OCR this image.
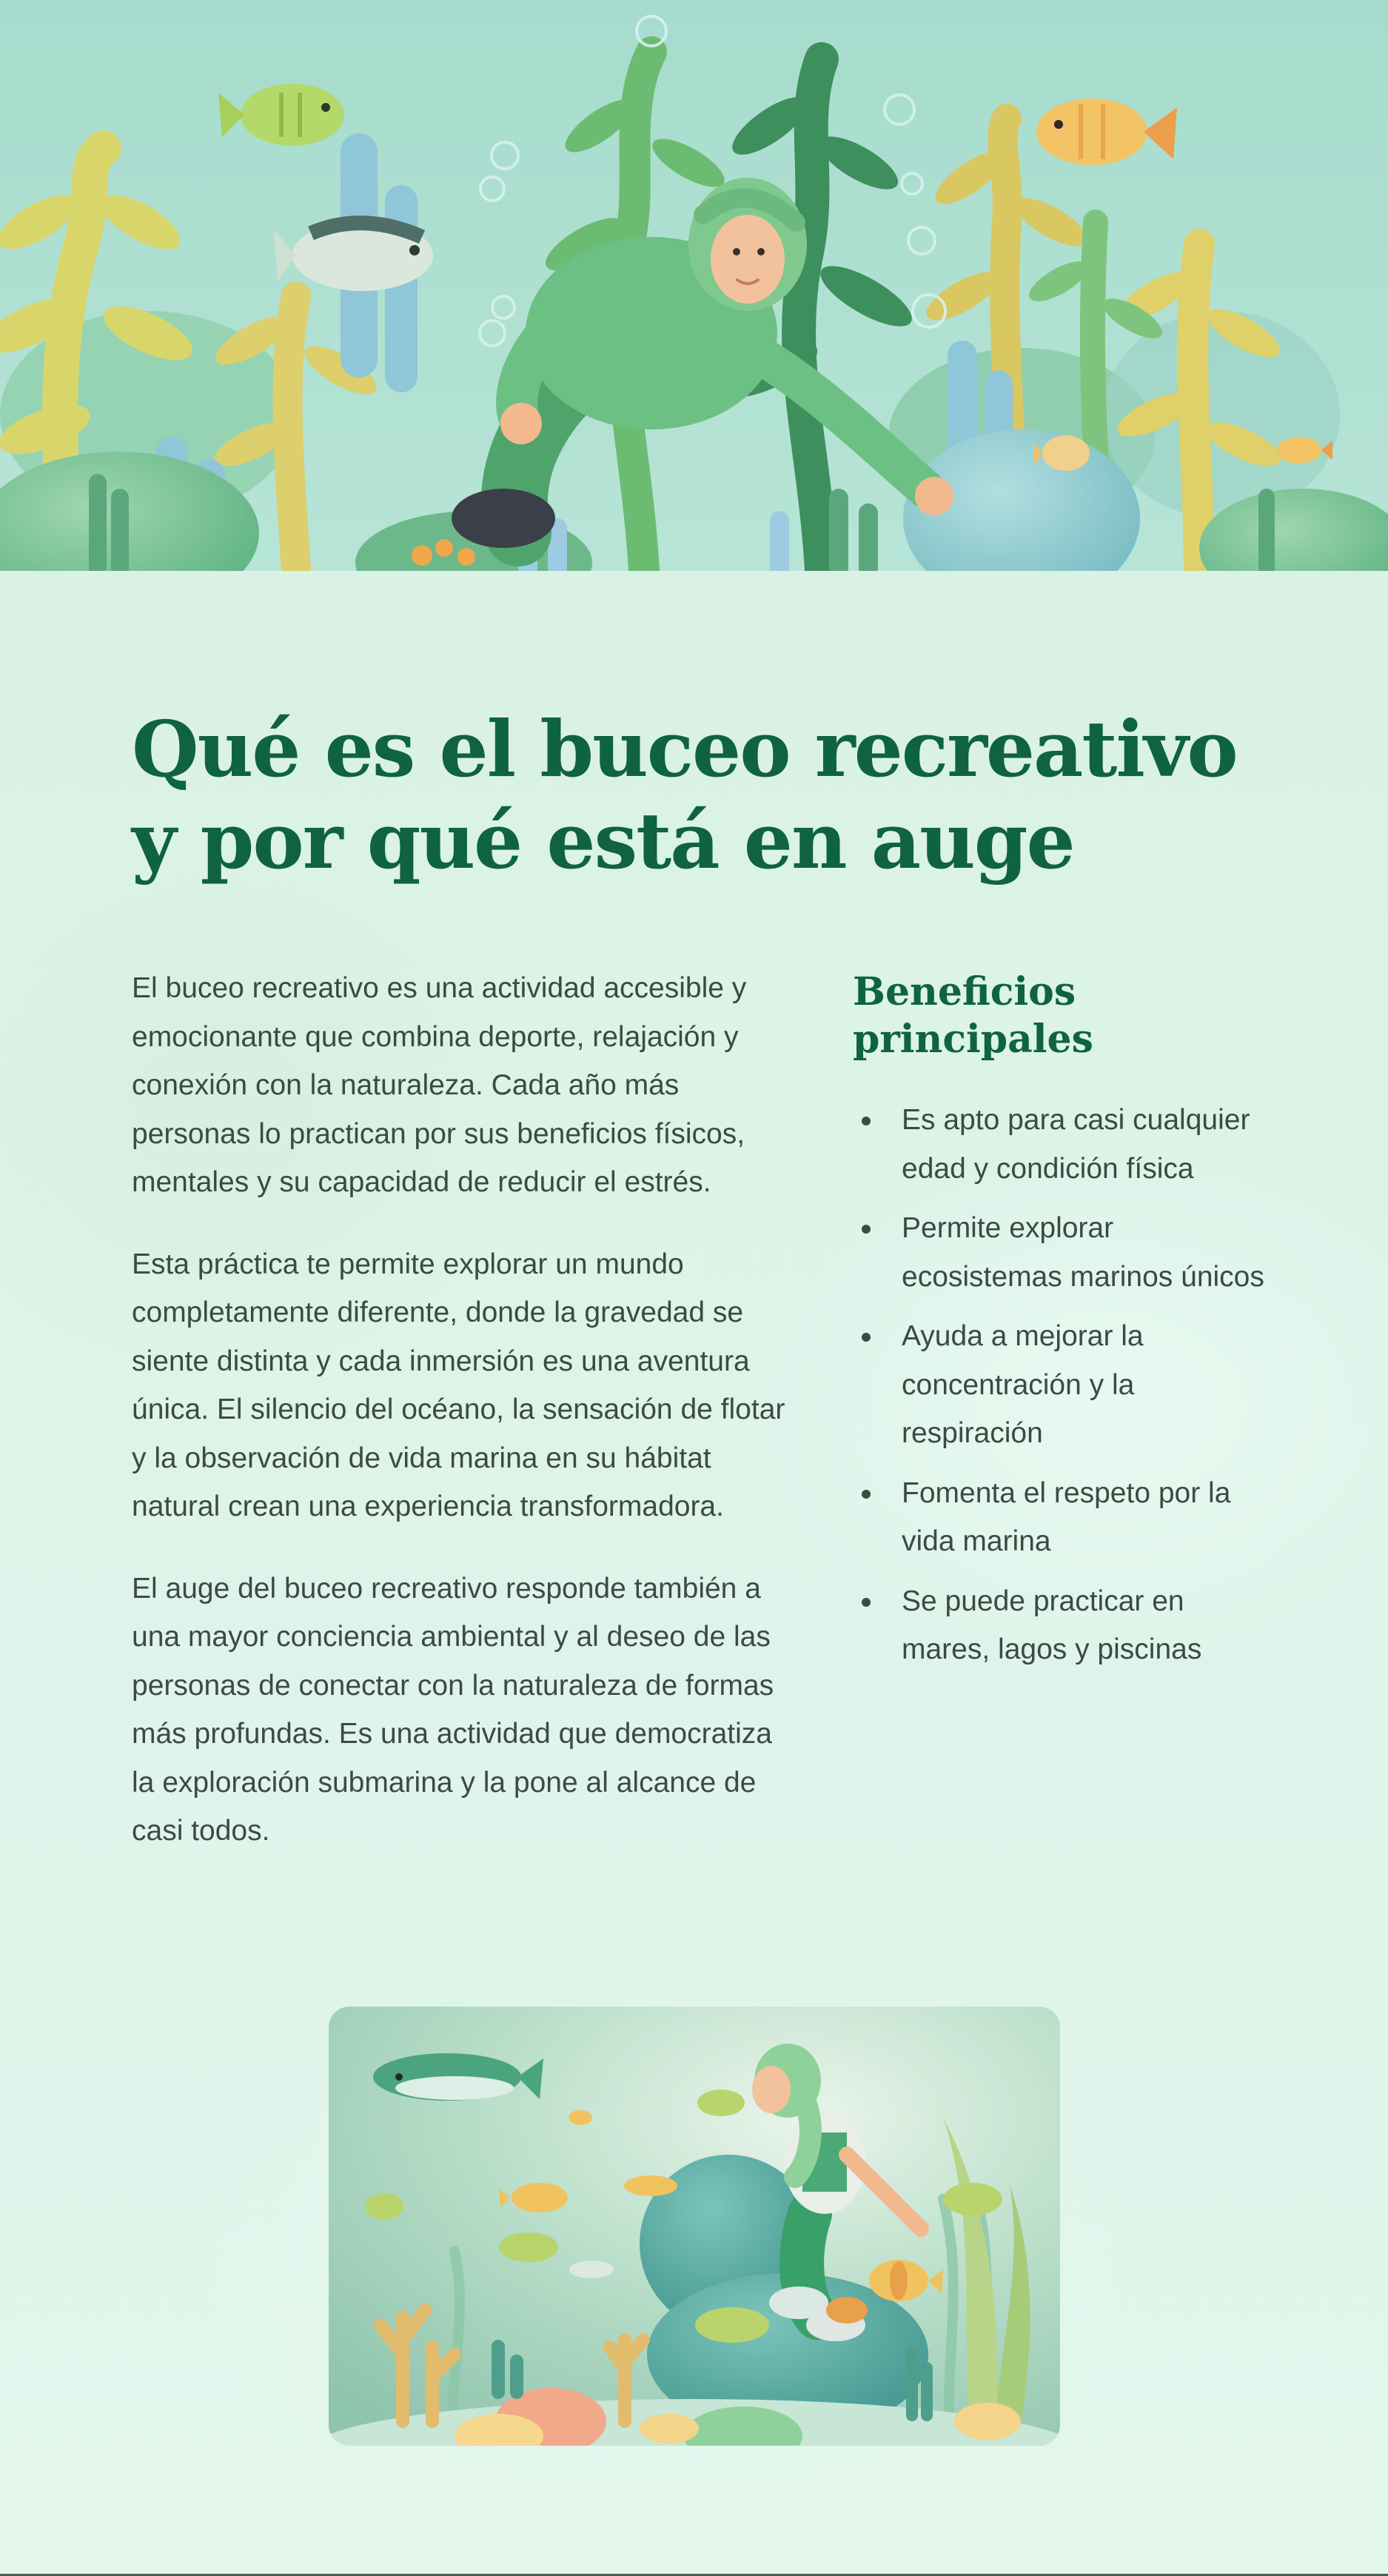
Qué es el buceo recreativo y por qué está en auge

El buceo recreativo es una actividad accesible y emocionante que combina deporte, relajación y conexión con la naturaleza. Cada año más personas lo practican por sus beneficios físicos, mentales y su capacidad de reducir el estrés.

Esta práctica te permite explorar un mundo completamente diferente, donde la gravedad se siente distinta y cada inmersión es una aventura única. El silencio del océano, la sensación de flotar y la observación de vida marina en su hábitat natural crean una experiencia transformadora.

El auge del buceo recreativo responde también a una mayor conciencia ambiental y al deseo de las personas de conectar con la naturaleza de formas más profundas. Es una actividad que democratiza la exploración submarina y la pone al alcance de casi todos.

Beneficios principales
Es apto para casi cualquier edad y condición física
Permite explorar ecosistemas marinos únicos
Ayuda a mejorar la concentración y la respiración
Fomenta el respeto por la vida marina
Se puede practicar en mares, lagos y piscinas
